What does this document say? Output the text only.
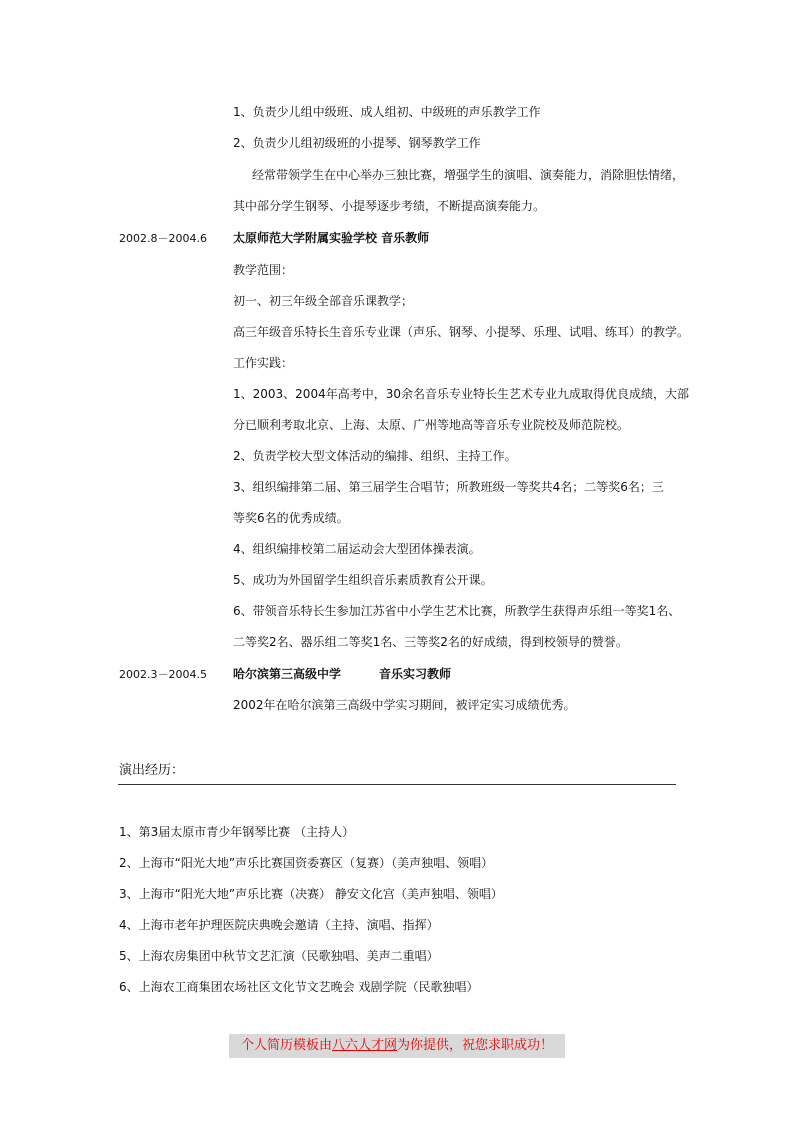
1、负责少儿组中级班、成人组初、中级班的声乐教学工作
2、负责少儿组初级班的小提琴、钢琴教学工作
经常带领学生在中心举办三独比赛，增强学生的演唱、演奏能力，消除胆怯情绪，
其中部分学生钢琴、小提琴逐步考绩，不断提高演奏能力。
2002.8－2004.6 太原师范大学附属实验学校 音乐教师
教学范围：
初一、初三年级全部音乐课教学；
高三年级音乐特长生音乐专业课（声乐、钢琴、小提琴、乐理、试唱、练耳）的教学。
工作实践：
1、2003、2004年高考中，30余名音乐专业特长生艺术专业九成取得优良成绩，大部
分已顺利考取北京、上海、太原、广州等地高等音乐专业院校及师范院校。
2、负责学校大型文体活动的编排、组织、主持工作。
3、组织编排第二届、第三届学生合唱节；所教班级一等奖共4名；二等奖6名；三
等奖6名的优秀成绩。
4、组织编排校第二届运动会大型团体操表演。
5、成功为外国留学生组织音乐素质教育公开课。
6、带领音乐特长生参加江苏省中小学生艺术比赛，所教学生获得声乐组一等奖1名、
二等奖2名、器乐组二等奖1名、三等奖2名的好成绩，得到校领导的赞誉。
2002.3－2004.5 哈尔滨第三高级中学	音乐实习教师
2002年在哈尔滨第三高级中学实习期间，被评定实习成绩优秀。
演出经历：
1、第3届太原市青少年钢琴比赛 （主持人）
2、上海市“阳光大地”声乐比赛国资委赛区（复赛）（美声独唱、领唱）
3、上海市“阳光大地”声乐比赛（决赛） 静安文化宫（美声独唱、领唱）
4、上海市老年护理医院庆典晚会邀请（主持、演唱、指挥）
5、上海农房集团中秋节文艺汇演（民歌独唱、美声二重唱）
6、上海农工商集团农场社区文化节文艺晚会 戏剧学院（民歌独唱）
个人简历模板由八六人才网为你提供，祝您求职成功！
